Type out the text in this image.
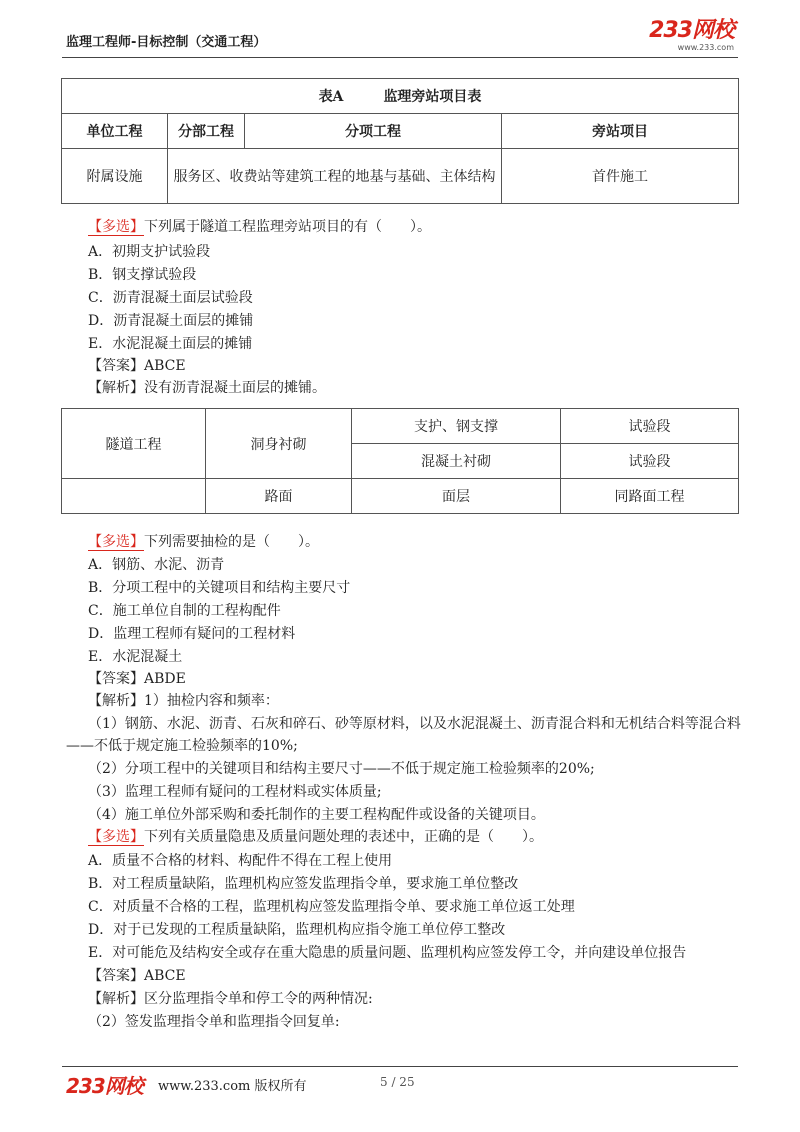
监理工程师-目标控制（交通工程）	233网校
www.233.com
表A 监理旁站项目表			
单位工程	分部工程	分项工程	旁站项目
附属设施	服务区、收费站等建筑工程的地基与基础、主体结构		首件施工
【多选】下列属于隧道工程监理旁站项目的有（　　）。
A．初期支护试验段
B．钢支撑试验段
C．沥青混凝土面层试验段
D．沥青混凝土面层的摊铺
E．水泥混凝土面层的摊铺
【答案】ABCE
【解析】没有沥青混凝土面层的摊铺。
隧道工程	洞身衬砌	支护、钢支撑	试验段
		混凝土衬砌	试验段
	路面	面层	同路面工程
【多选】下列需要抽检的是（　　）。
A．钢筋、水泥、沥青
B．分项工程中的关键项目和结构主要尺寸
C．施工单位自制的工程构配件
D．监理工程师有疑问的工程材料
E．水泥混凝土
【答案】ABDE
【解析】1）抽检内容和频率：
（1）钢筋、水泥、沥青、石灰和碎石、砂等原材料，以及水泥混凝土、沥青混合料和无机结合料等混合料——不低于规定施工检验频率的10%;
（2）分项工程中的关键项目和结构主要尺寸——不低于规定施工检验频率的20%;
（3）监理工程师有疑问的工程材料或实体质量;
（4）施工单位外部采购和委托制作的主要工程构配件或设备的关键项目。
【多选】下列有关质量隐患及质量问题处理的表述中，正确的是（　　）。
A．质量不合格的材料、构配件不得在工程上使用
B．对工程质量缺陷，监理机构应签发监理指令单，要求施工单位整改
C．对质量不合格的工程，监理机构应签发监理指令单、要求施工单位返工处理
D．对于已发现的工程质量缺陷，监理机构应指令施工单位停工整改
E．对可能危及结构安全或存在重大隐患的质量问题、监理机构应签发停工令，并向建设单位报告
【答案】ABCE
【解析】区分监理指令单和停工令的两种情况:
（2）签发监理指令单和监理指令回复单:
233网校 www.233.com 版权所有	5 / 25
